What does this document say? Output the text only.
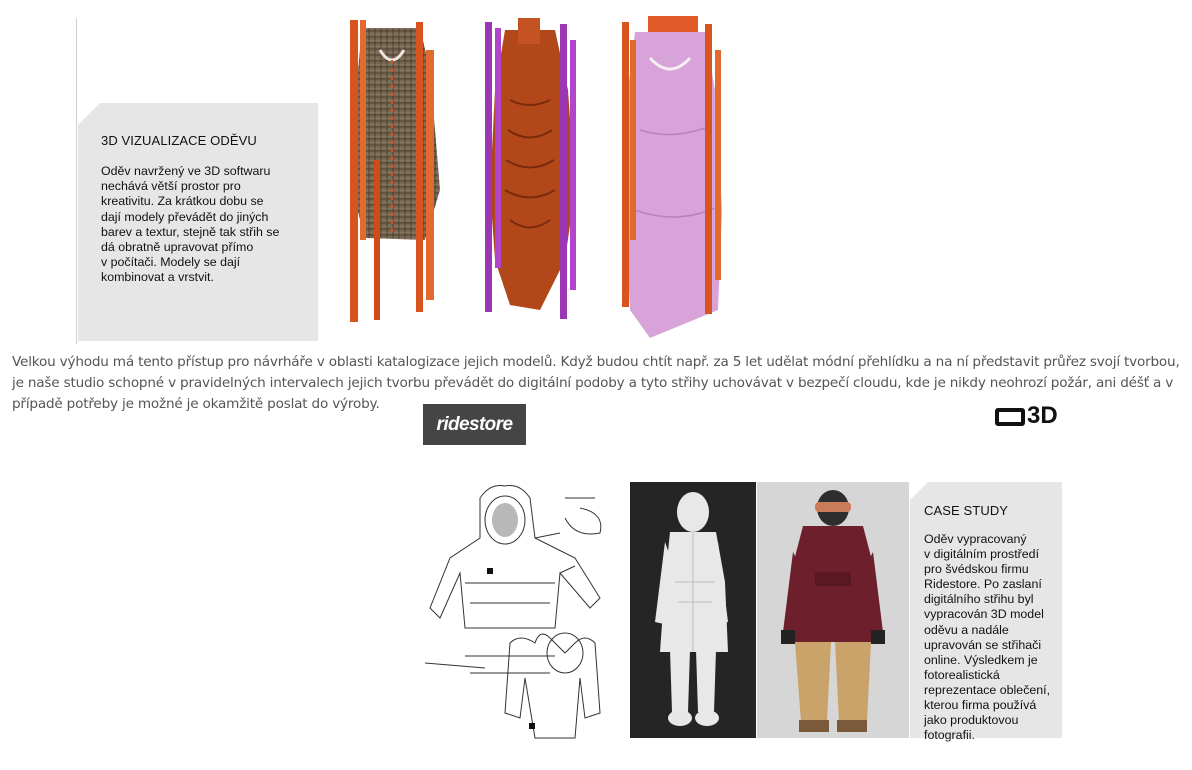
3D VIZUALIZACE ODĚVU
Oděv navržený ve 3D softwaru
nechává větší prostor pro
kreativitu. Za krátkou dobu se
dají modely převádět do jiných
barev a textur, stejně tak střih se
dá obratně upravovat přímo
v počítači. Modely se dají
kombinovat a vrstvit.
Velkou výhodu má tento přístup pro návrháře v oblasti katalogizace jejich modelů. Když budou chtít např. za 5 let udělat módní přehlídku a na ní představit průřez svojí tvorbou, je naše studio schopné v pravidelných intervalech jejich tvorbu převádět do digitální podoby a tyto střihy uchovávat v bezpečí cloudu, kde je nikdy neohrozí požár, ani déšť a v případě potřeby je možné je okamžitě poslat do výroby.
ridestore	3D
CASE STUDY
Oděv vypracovaný
v digitálním prostředí
pro švédskou firmu
Ridestore. Po zaslaní
digitálního střihu byl
vypracován 3D model
oděvu a nadále
upravován se střihači
online. Výsledkem je
fotorealistická
reprezentace oblečení,
kterou firma používá
jako produktovou
fotografii.
